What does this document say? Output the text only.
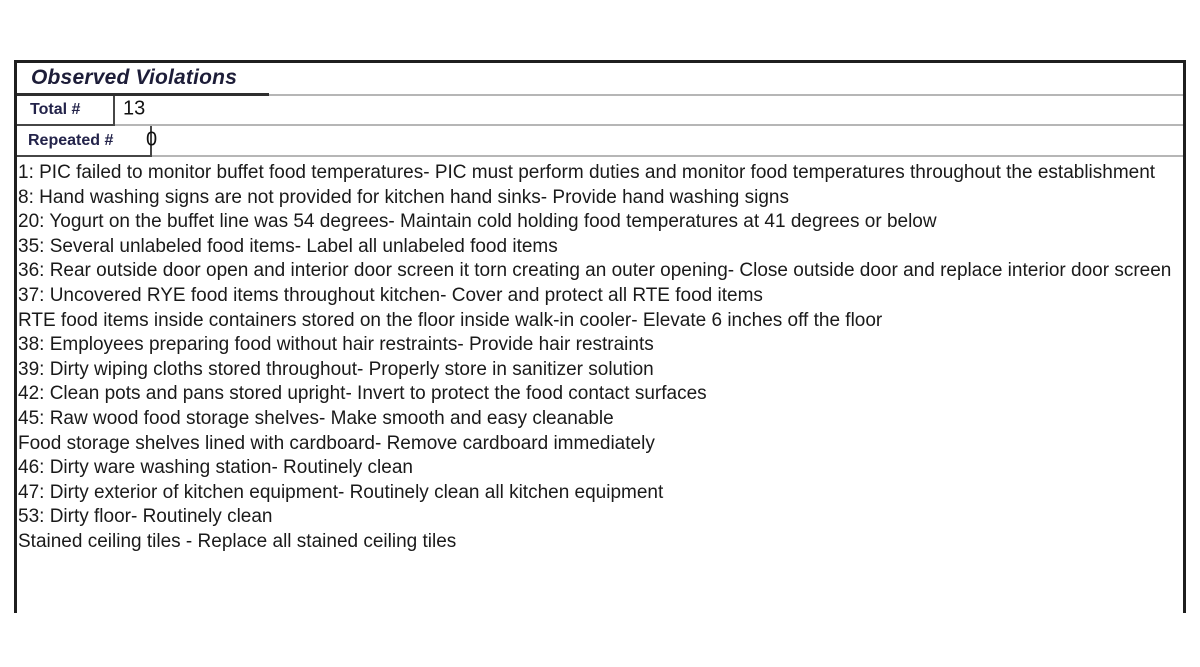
Observed Violations
Total # 13
Repeated # 0
1: PIC failed to monitor buffet food temperatures- PIC must perform duties and monitor food temperatures throughout the establishment
8: Hand washing signs are not provided for kitchen hand sinks- Provide hand washing signs
20: Yogurt on the buffet line was 54 degrees- Maintain cold holding food temperatures at 41 degrees or below
35: Several unlabeled food items- Label all unlabeled food items
36: Rear outside door open and interior door screen it torn creating an outer opening- Close outside door and replace interior door screen
37: Uncovered RYE food items throughout kitchen- Cover and protect all RTE food items
RTE food items inside containers stored on the floor inside walk-in cooler- Elevate 6 inches off the floor
38: Employees preparing food without hair restraints- Provide hair restraints
39: Dirty wiping cloths stored throughout- Properly store in sanitizer solution
42: Clean pots and pans stored upright- Invert to protect the food contact surfaces
45: Raw wood food storage shelves- Make smooth and easy cleanable
Food storage shelves lined with cardboard- Remove cardboard immediately
46: Dirty ware washing station- Routinely clean
47: Dirty exterior of kitchen equipment- Routinely clean all kitchen equipment
53: Dirty floor- Routinely clean
Stained ceiling tiles - Replace all stained ceiling tiles
